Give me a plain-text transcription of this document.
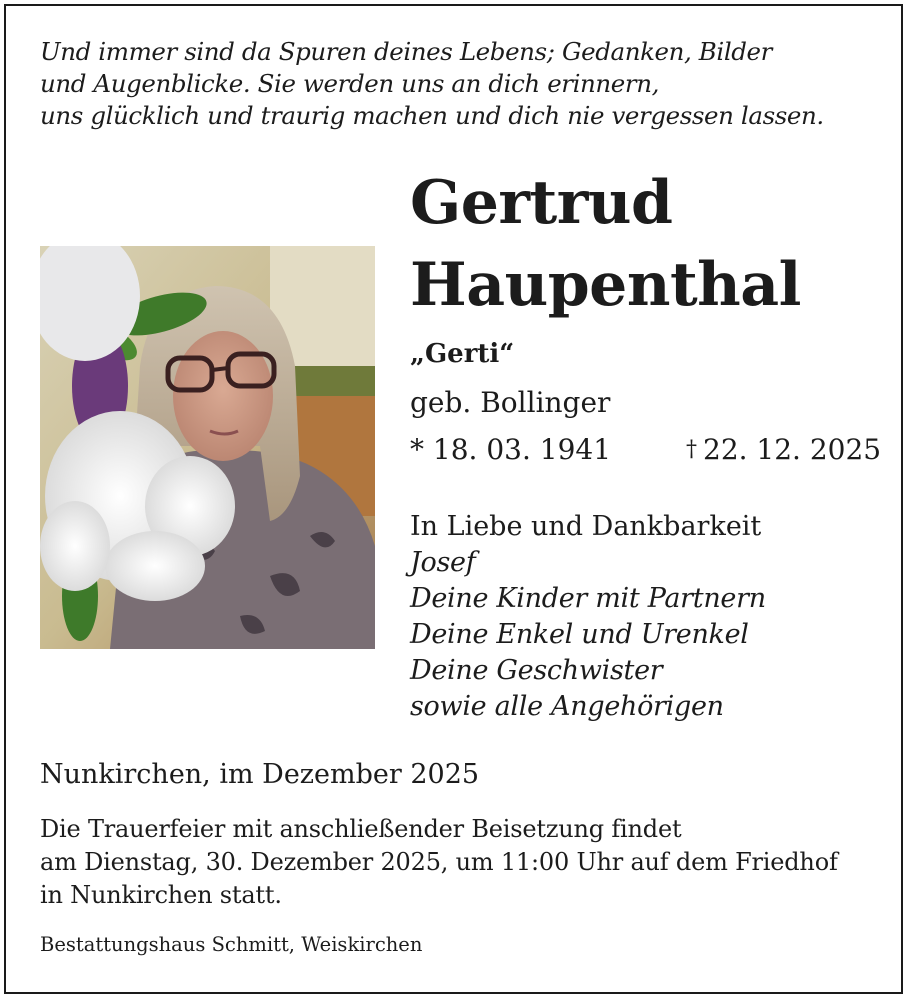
Und immer sind da Spuren deines Lebens; Gedanken, Bilder
und Augenblicke. Sie werden uns an dich erinnern,
uns glücklich und traurig machen und dich nie vergessen lassen.
Gertrud
Haupenthal
„Gerti“
geb. Bollinger
* 18. 03. 1941	† 22. 12. 2025
In Liebe und Dankbarkeit
Josef
Deine Kinder mit Partnern
Deine Enkel und Urenkel
Deine Geschwister
sowie alle Angehörigen
Nunkirchen, im Dezember 2025
Die Trauerfeier mit anschließender Beisetzung findet
am Dienstag, 30. Dezember 2025, um 11:00 Uhr auf dem Friedhof
in Nunkirchen statt.
Bestattungshaus Schmitt, Weiskirchen
